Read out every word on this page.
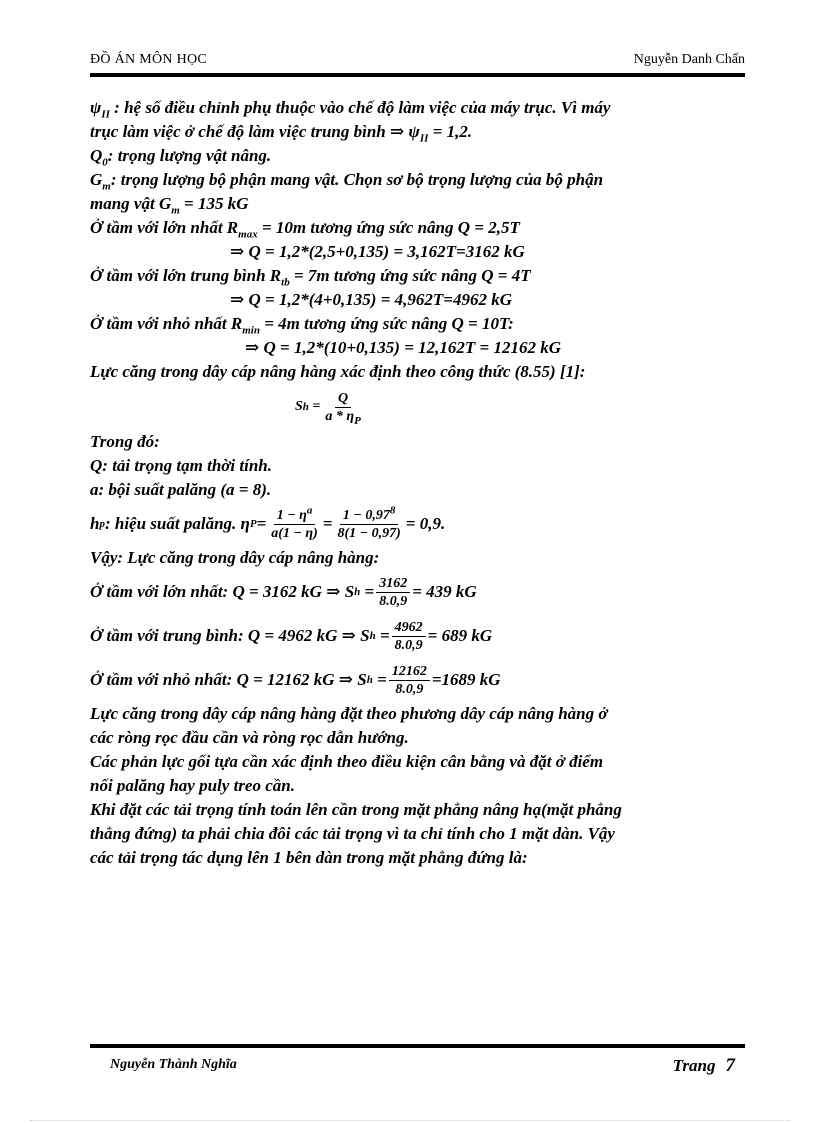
ĐỒ ÁN MÔN HỌC	Nguyễn Danh Chấn
$\psi_{II}$ : hệ số điều chỉnh phụ thuộc vào chế độ làm việc của máy trục. Vì máy
trục làm việc ở chế độ làm việc trung bình ⇒ $\psi_{II} = 1,2$.
$Q_0$: trọng lượng vật nâng.
$G_m$: trọng lượng bộ phận mang vật. Chọn sơ bộ trọng lượng của bộ phận
mang vật $G_m = 135$ kG
Ở tầm với lớn nhất $R_{max} = 10m$ tương ứng sức nâng Q = 2,5T
⇒ Q = 1,2*(2,5+0,135) = 3,162T=3162 kG
Ở tầm với lớn trung bình $R_{tb} = 7m$ tương ứng sức nâng Q = 4T
⇒ Q = 1,2*(4+0,135) = 4,962T=4962 kG
Ở tầm với nhỏ nhất $R_{min} = 4m$ tương ứng sức nâng Q = 10T:
⇒ Q = 1,2*(10+0,135) = 12,162T = 12162 kG
Lực căng trong dây cáp nâng hàng xác định theo công thức (8.55) [1]:
S h
= $\frac{Q}{a * \eta_P}$
Trong đó:
Q: tải trọng tạm thời tính.
a: bội suất palăng (a = 8).
h p : hiệu suất palăng. η $P = \frac{1 - \eta^a}{a(1 - \eta)} = \frac{1 - 0,97^8}{8(1 - 0,97)} = 0,9$.
Vậy: Lực căng trong dây cáp nâng hàng:
Ở tầm với lớn nhất: Q = 3162 kG ⇒ S h
= $\frac{3162}{8.0,9} = 439$ kG
Ở tầm với trung bình: Q = 4962 kG ⇒ S h
= $\frac{4962}{8.0,9} = 689$ kG
Ở tầm với nhỏ nhất: Q = 12162 kG ⇒ S h
= $\frac{12162}{8.0,9} =1689$ kG
Lực căng trong dây cáp nâng hàng đặt theo phương dây cáp nâng hàng ở
các ròng rọc đầu cần và ròng rọc dẫn hướng.
Các phản lực gối tựa cần xác định theo điều kiện cân bằng và đặt ở điểm
nối palăng hay puly treo cần.
Khi đặt các tải trọng tính toán lên cần trong mặt phẳng nâng hạ(mặt phẳng
thẳng đứng) ta phải chia đôi các tải trọng vì ta chỉ tính cho 1 mặt dàn. Vậy
các tải trọng tác dụng lên 1 bên dàn trong mặt phẳng đứng là:
Nguyễn Thành Nghĩa	Trang 7
